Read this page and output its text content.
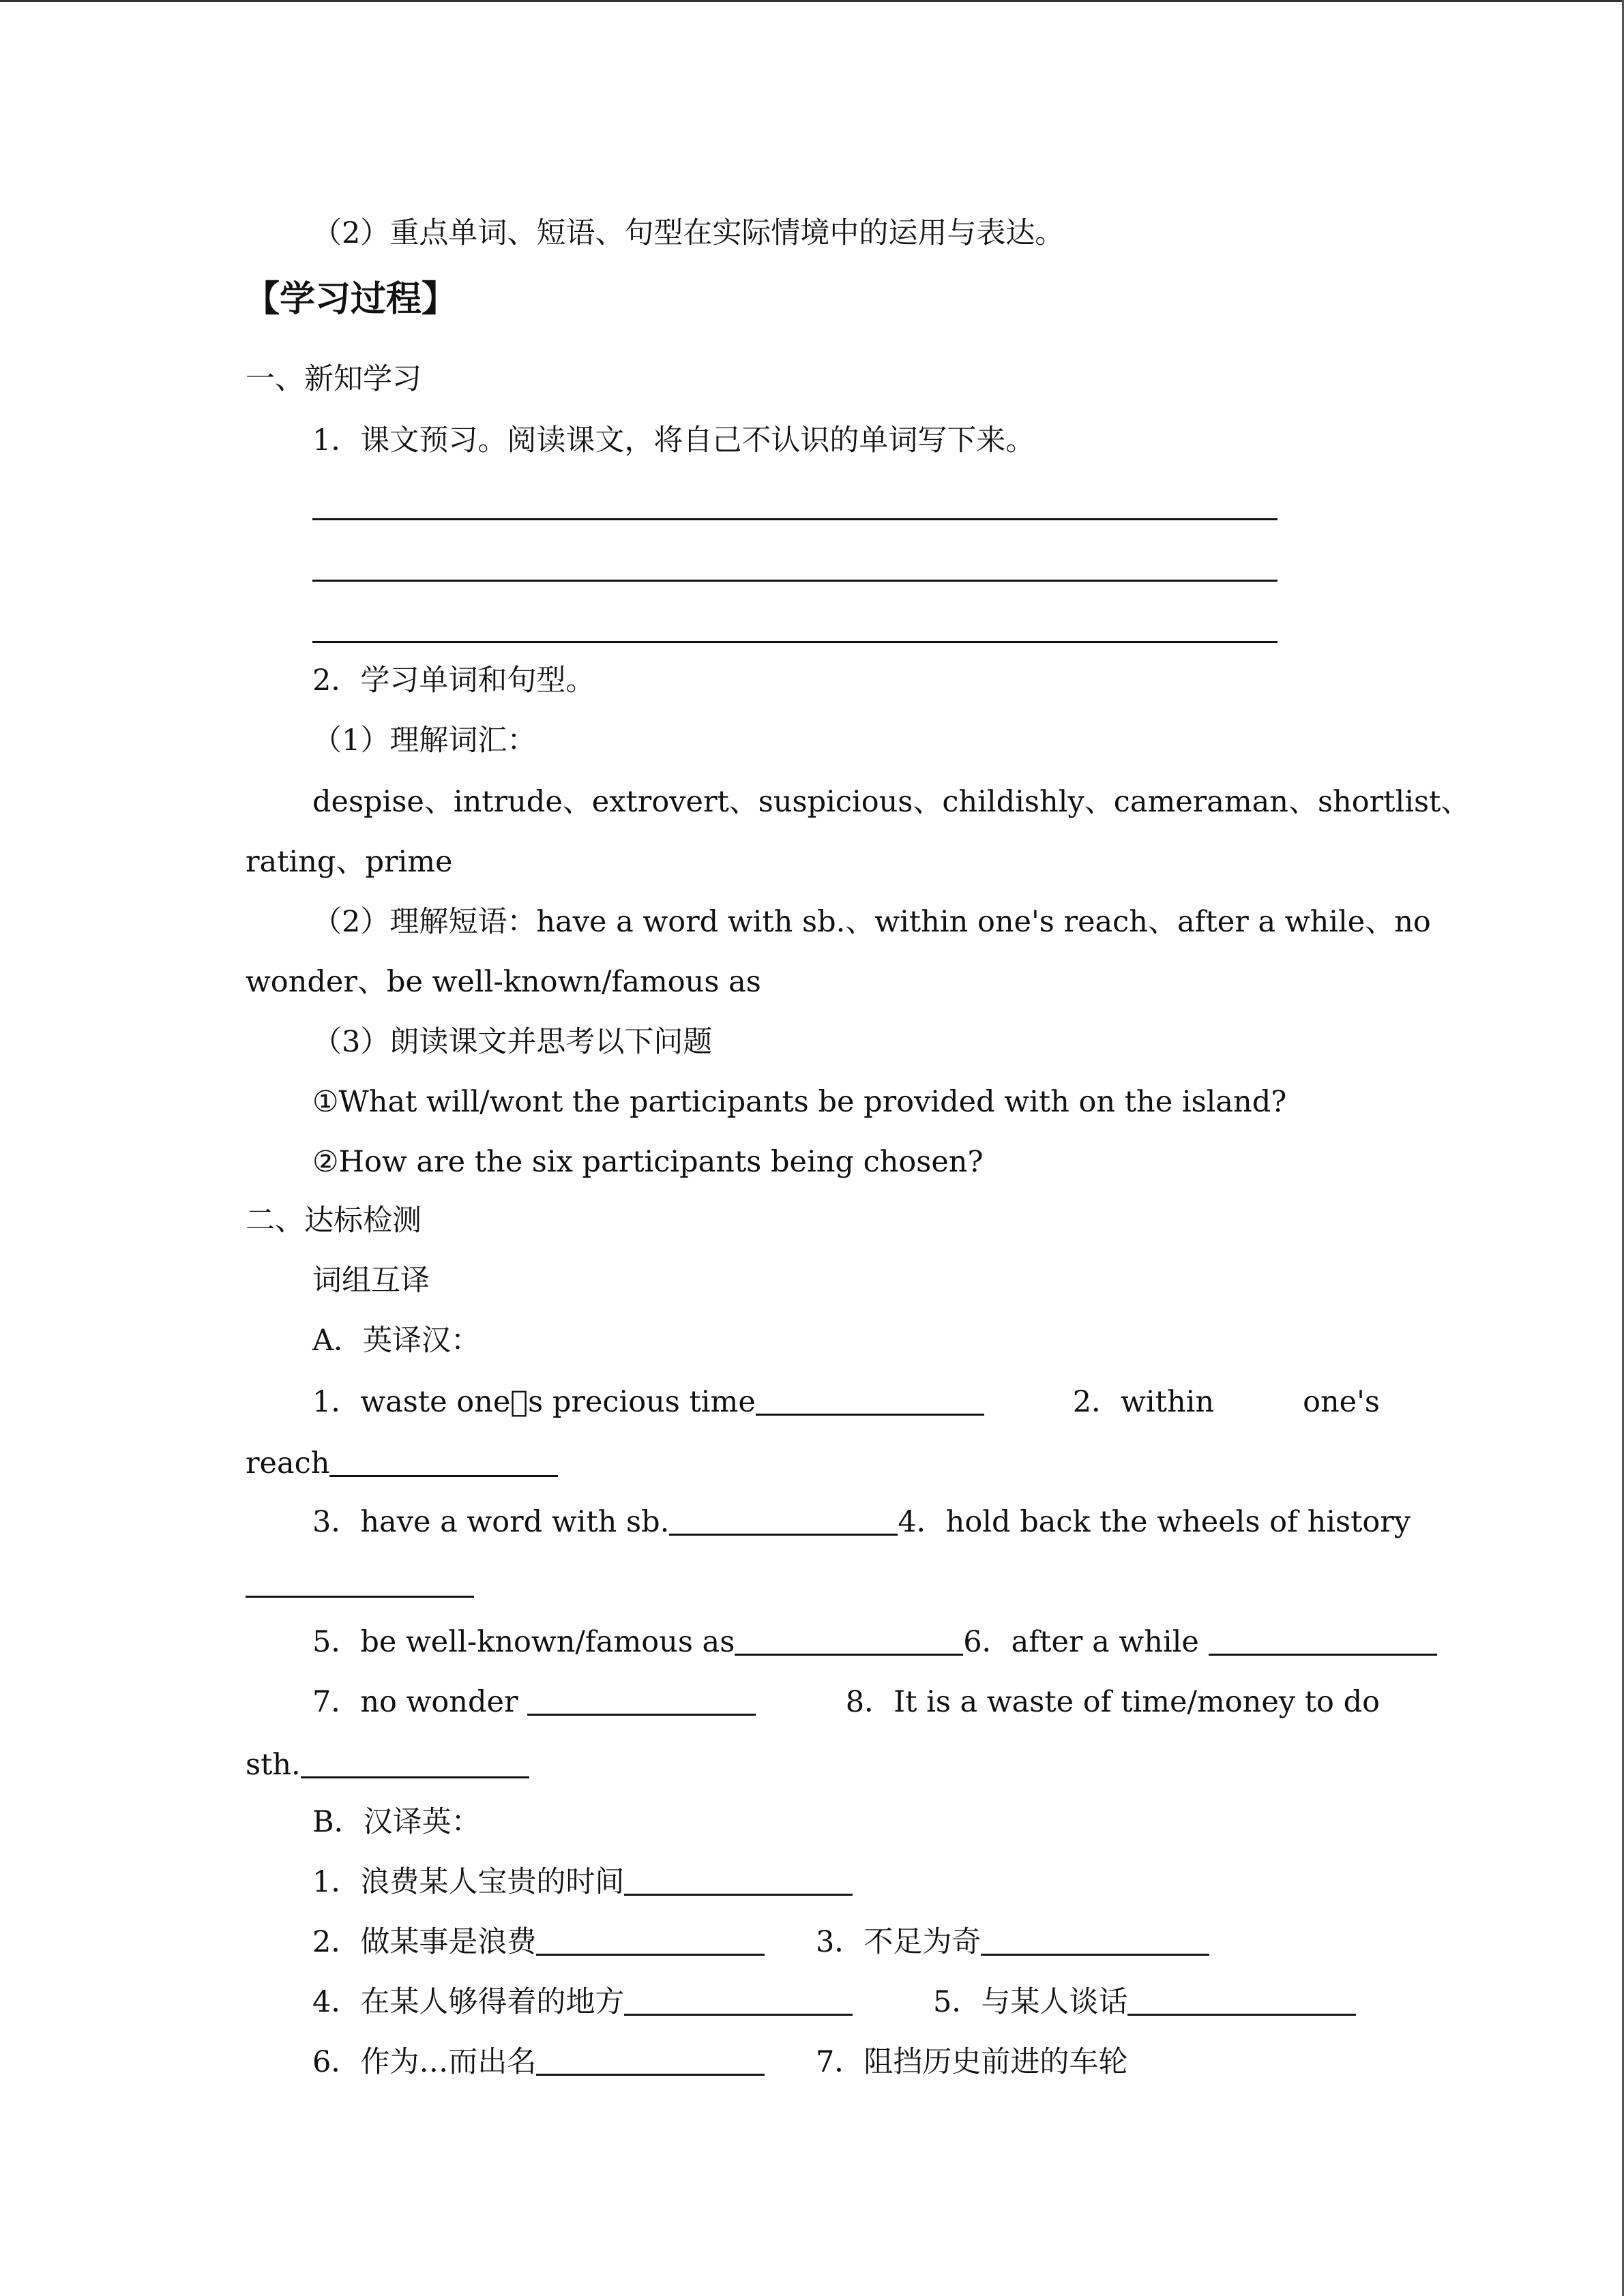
（2）重点单词、短语、句型在实际情境中的运用与表达。
【学习过程】
一、新知学习
1．课文预习。阅读课文，将自己不认识的单词写下来。
2．学习单词和句型。
（1）理解词汇：
despise、intrude、extrovert、suspicious、childishly、cameraman、shortlist、
rating、prime
（2）理解短语：have a word with sb.、within one's reach、after a while、no
wonder、be well-known/famous as
（3）朗读课文并思考以下问题
①What will/wont the participants be provided with on the island?
②How are the six participants being chosen?
二、达标检测
词组互译
A．英译汉：
1．waste one s precious time	2．within	one's
reach
3．have a word with sb.	4．hold back the wheels of history
5．be well-known/famous as	6．after a while
7．no wonder	8．It is a waste of time/money to do
sth.
B．汉译英：
1．浪费某人宝贵的时间
2．做某事是浪费	3．不足为奇
4．在某人够得着的地方	5．与某人谈话
6．作为…而出名	7．阻挡历史前进的车轮
